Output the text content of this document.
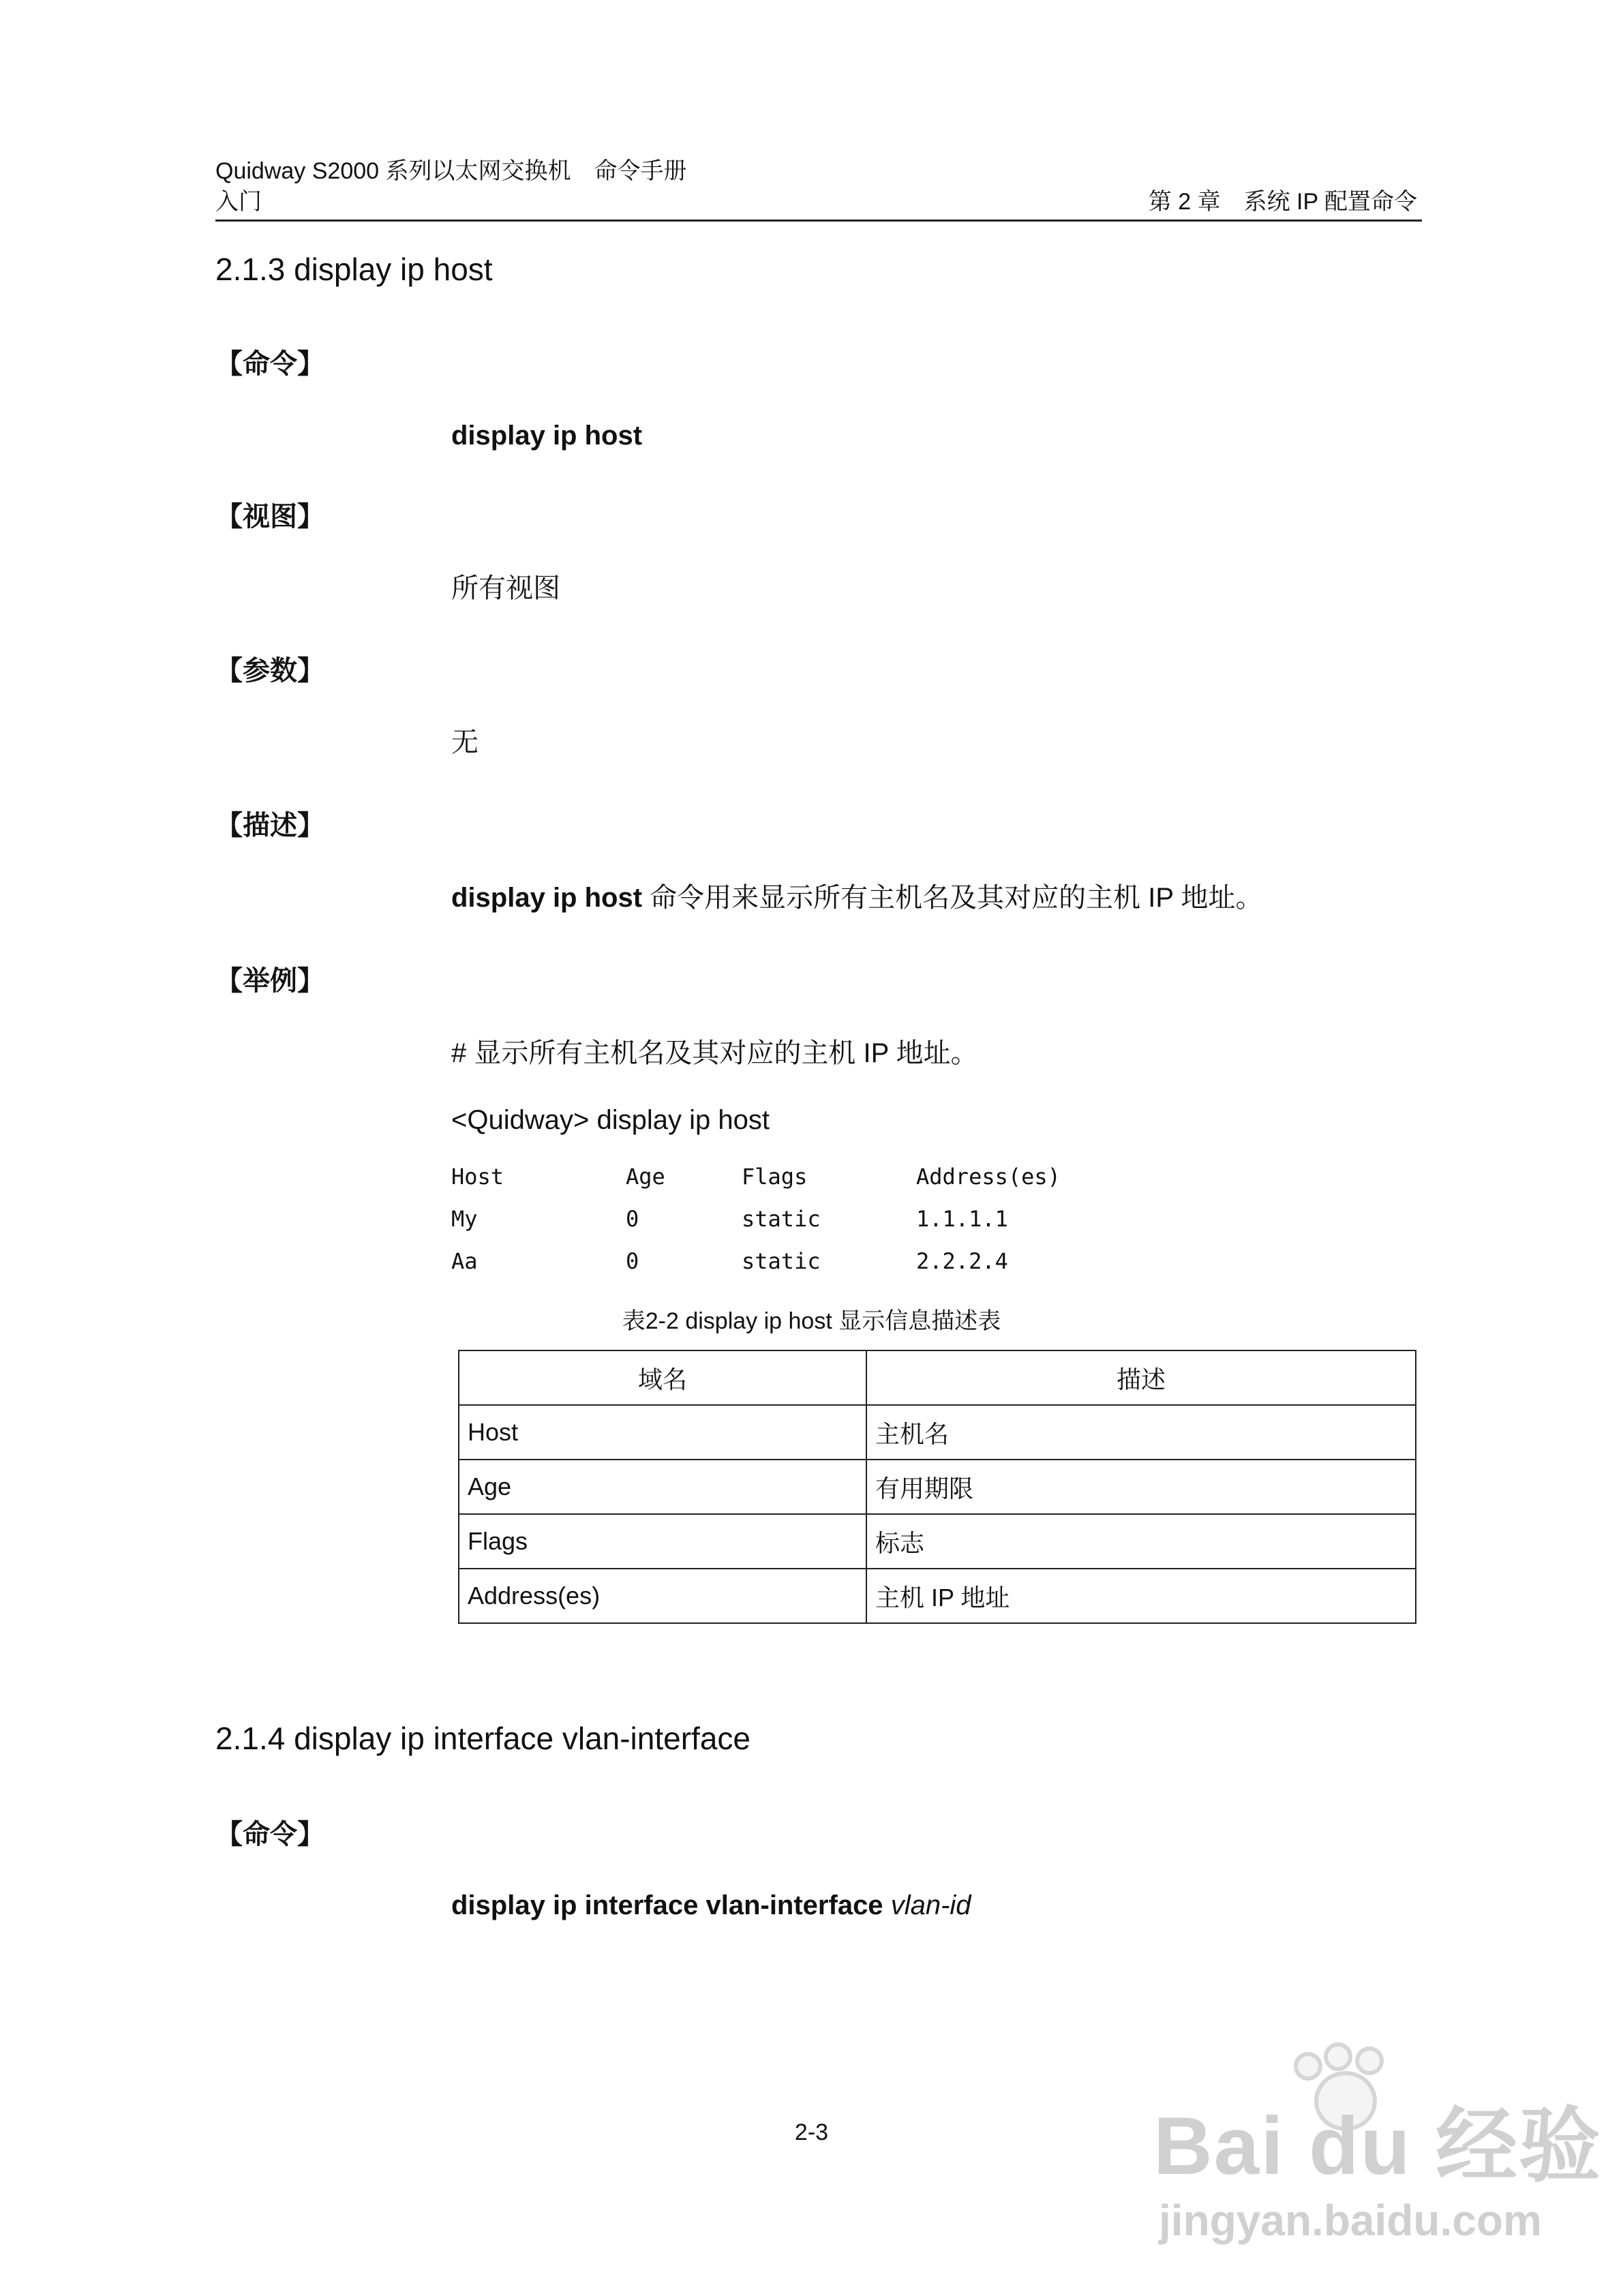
Quidway S2000 系列以太网交换机　命令手册
入门	第 2 章　系统 IP 配置命令
2.1.3 display ip host
【命令】
display ip host
【视图】
所有视图
【参数】
无
【描述】
display ip host 命令用来显示所有主机名及其对应的主机 IP 地址。
【举例】
# 显示所有主机名及其对应的主机 IP 地址。
<Quidway> display ip host
Host	Age	Flags	Address(es)
My	0	static	1.1.1.1
Aa	0	static	2.2.2.4
表2-2 display ip host 显示信息描述表
域名	描述
Host	主机名
Age	有用期限
Flags	标志
Address(es)	主机 IP 地址
2.1.4 display ip interface vlan-interface
【命令】
display ip interface vlan-interface vlan-id
2-3	Bai du 经验
jingyan.baidu.com
